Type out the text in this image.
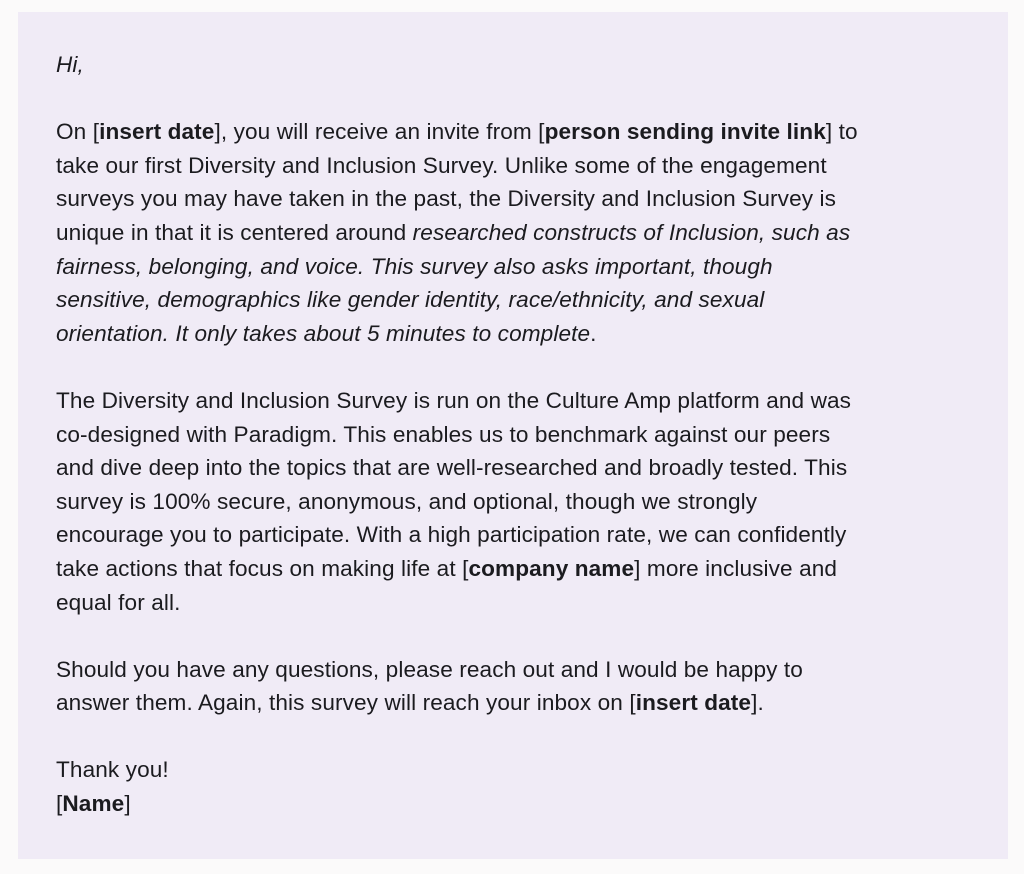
Hi,
On [insert date], you will receive an invite from [person sending invite link] to
take our first Diversity and Inclusion Survey. Unlike some of the engagement
surveys you may have taken in the past, the Diversity and Inclusion Survey is
unique in that it is centered around researched constructs of Inclusion, such as
fairness, belonging, and voice. This survey also asks important, though
sensitive, demographics like gender identity, race/ethnicity, and sexual
orientation. It only takes about 5 minutes to complete.
The Diversity and Inclusion Survey is run on the Culture Amp platform and was
co-designed with Paradigm. This enables us to benchmark against our peers
and dive deep into the topics that are well-researched and broadly tested. This
survey is 100% secure, anonymous, and optional, though we strongly
encourage you to participate. With a high participation rate, we can confidently
take actions that focus on making life at [company name] more inclusive and
equal for all.
Should you have any questions, please reach out and I would be happy to
answer them. Again, this survey will reach your inbox on [insert date].
Thank you!
[Name]
